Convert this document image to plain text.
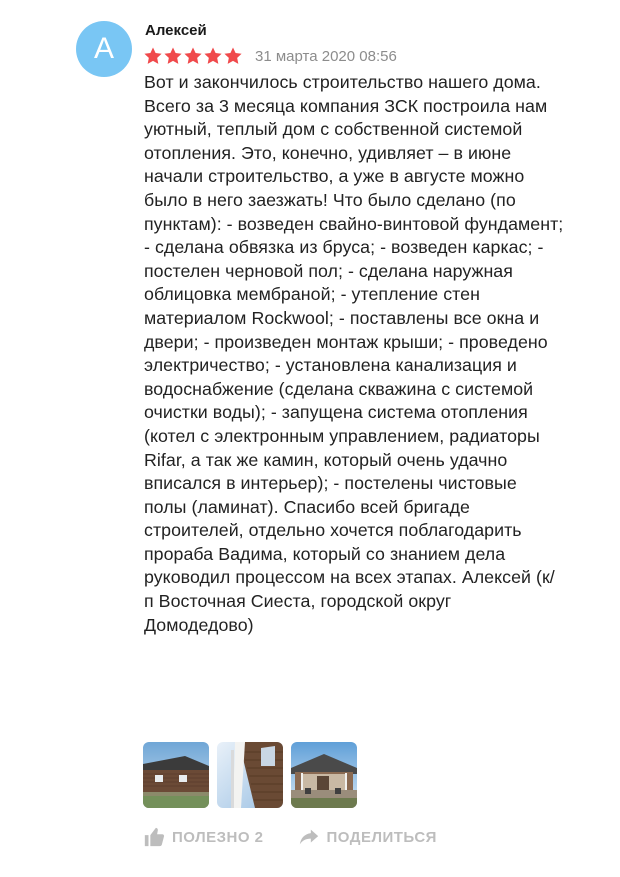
А
Алексей
31 марта 2020 08:56
Вот и закончилось строительство нашего дома. Всего за 3 месяца компания ЗСК построила нам уютный, теплый дом с собственной системой отопления. Это, конечно, удивляет – в июне начали строительство, а уже в августе можно было в него заезжать! Что было сделано (по пунктам): - возведен свайно-винтовой фундамент; - сделана обвязка из бруса; - возведен каркас; - постелен черновой пол; - сделана наружная облицовка мембраной; - утепление стен материалом Rockwool; - поставлены все окна и двери; - произведен монтаж крыши; - проведено электричество; - установлена канализация и водоснабжение (сделана скважина с системой очистки воды); - запущена система отопления (котел с электронным управлением, радиаторы Rifar, а так же камин, который очень удачно вписался в интерьер); - постелены чистовые полы (ламинат). Спасибо всей бригаде строителей, отдельно хочется поблагодарить прораба Вадима, который со знанием дела руководил процессом на всех этапах. Алексей (к/п Восточная Сиеста, городской округ Домодедово)
ПОЛЕЗНО 2	ПОДЕЛИТЬСЯ
